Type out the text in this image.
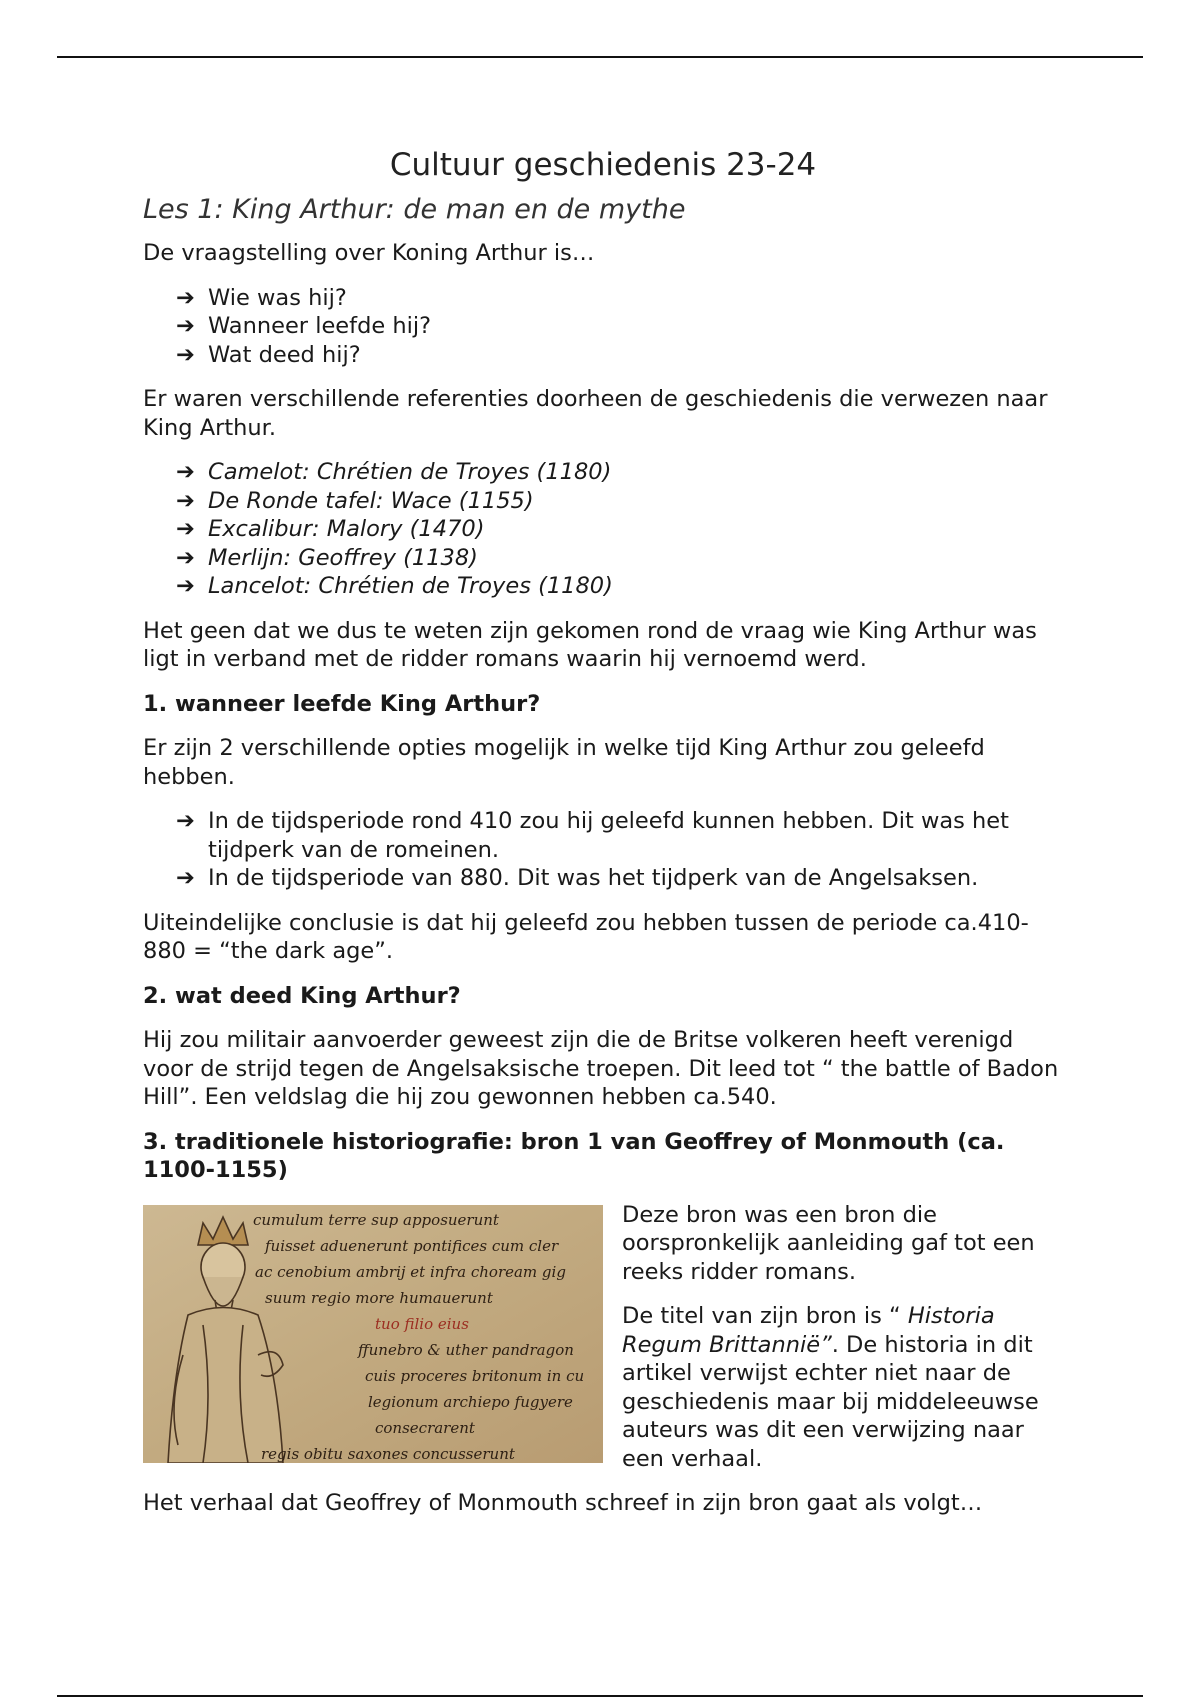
Cultuur geschiedenis 23-24
Les 1: King Arthur: de man en de mythe

De vraagstelling over Koning Arthur is…

➔ Wie was hij?
➔ Wanneer leefde hij?
➔ Wat deed hij?

Er waren verschillende referenties doorheen de geschiedenis die verwezen naar King Arthur.

➔ Camelot: Chrétien de Troyes (1180)
➔ De Ronde tafel: Wace (1155)
➔ Excalibur: Malory (1470)
➔ Merlijn: Geoffrey (1138)
➔ Lancelot: Chrétien de Troyes (1180)

Het geen dat we dus te weten zijn gekomen rond de vraag wie King Arthur was ligt in verband met de ridder romans waarin hij vernoemd werd.

1. wanneer leefde King Arthur?

Er zijn 2 verschillende opties mogelijk in welke tijd King Arthur zou geleefd hebben.

➔ In de tijdsperiode rond 410 zou hij geleefd kunnen hebben. Dit was het tijdperk van de romeinen.
➔ In de tijdsperiode van 880. Dit was het tijdperk van de Angelsaksen.

Uiteindelijke conclusie is dat hij geleefd zou hebben tussen de periode ca.410-880 = “the dark age”.

2. wat deed King Arthur?

Hij zou militair aanvoerder geweest zijn die de Britse volkeren heeft verenigd voor de strijd tegen de Angelsaksische troepen. Dit leed tot “ the battle of Badon Hill”. Een veldslag die hij zou gewonnen hebben ca.540.

3. traditionele historiografie: bron 1 van Geoffrey of Monmouth (ca. 1100-1155)
cumulum terre sup apposuerunt
fuisset aduenerunt pontifices cum cler
ac cenobium ambrij et infra choream gig
suum regio more humauerunt
tuo filio eius
ffunebro & uther pandragon
cuis proceres britonum in cu
legionum archiepo fugyere
consecrarent
regis obitu saxones concusserunt

Deze bron was een bron die oorspronkelijk aanleiding gaf tot een reeks ridder romans.

De titel van zijn bron is “ Historia Regum Brittannië”. De historia in dit artikel verwijst echter niet naar de geschiedenis maar bij middeleeuwse auteurs was dit een verwijzing naar een verhaal.

Het verhaal dat Geoffrey of Monmouth schreef in zijn bron gaat als volgt…
